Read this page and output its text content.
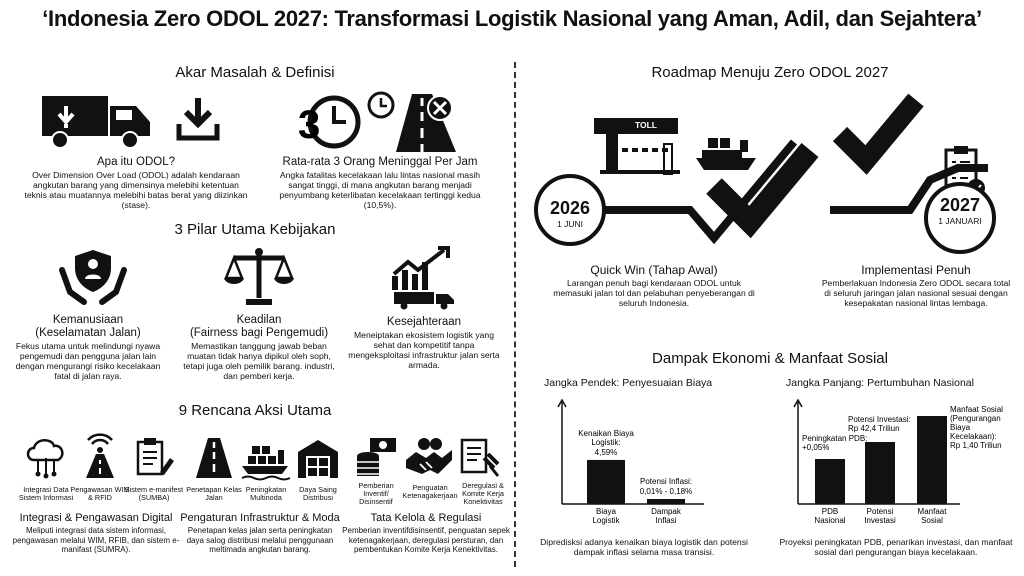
‘Indonesia Zero ODOL 2027: Transformasi Logistik Nasional yang Aman, Adil, dan Sejahtera’
Akar Masalah & Definisi
Apa itu ODOL?
Over Dimension Over Load (ODOL) adalah kendaraan angkutan barang yang dimensinya melebihi ketentuan teknis atau muatannya melebihi batas berat yang diizinkan (stase).
3
Rata-rata 3 Orang Meninggal Per Jam
Angka fatalitas kecelakaan lalu lintas nasional masih sangat tinggi, di mana angkutan barang menjadi penyumbang keterlibatan kecelakaan tertinggi kedua (10,5%).
3 Pilar Utama Kebijakan
Kemanusiaan
(Keselamatan Jalan)
Fekus utama untuk melindungi nyawa pengemudi dan pengguna jalan lain dengan mengurangi risiko kecelakaan fatal di jalan raya.
Keadilan
(Fairness bagi Pengemudi)
Memastikan tanggung jawab beban muatan tidak hanya dipikul oleh soph, tetapi juga oleh pemilik barang. industri, dan pemberi kerja.
Kesejahteraan
Meneiptakan ekosistem logistik yang sehat dan kompetitif tanpa mengeksploitasi infrastruktur jalan serta armada.
9 Rencana Aksi Utama
Integrasi Data Sistem Informasi
Pengawasan WIM & RFID
Sistem e-manifest (SUMBA)
Penetapan Kelas Jalan
Peningkatan Multinoda
Daya Saing Distribusi
Pemberian Inventif/ Disinsentif
Penguatan Ketenagakerjaan
Deregulasi & Komite Kerja Konektivitas
Integrasi & Pengawasan Digital
Meliputi integrasi data sistem informasi, pengawasan melalui WIM, RFIB, dan sistem e-manifast (SUMRA).
Pengaturan Infrastruktur & Moda
Penetapan kelas jalan serta peningkatan daya salog distribusi melalui penggunaan meltimada angkutan barang.
Tata Kelola & Regulasi
Pemberian inventifdisinsentif, penguatan sepek ketenagakerjaan, deregulasi persturan, dan pembentukan Komite Kerja Kenektivitas.
Roadmap Menuju Zero ODOL 2027
TOLL
2026
1 JUNI
2027
1 JANUARI
Quick Win (Tahap Awal)
Larangan penuh bagi kendaraan ODOL untuk memasuki jalan tol dan pelabuhan penyeberangan di seluruh Indonesia.
Implementasi Penuh
Pemberlakuan Indonesia Zero ODOL secara total di seluruh jaringan jalan nasional sesuai dengan kesepakatan nasional lintas lembaga.
Dampak Ekonomi & Manfaat Sosial
Jangka Pendek: Penyesuaian Biaya	Jangka Panjang: Pertumbuhan Nasional
Kenaikan Biaya Logistik:
4,59%
Biaya Logistik
Potensi Inflasi:
0,01% - 0,18%
Dampak Inflasi
PDB Nasional
Potensi Investasi
Manfaat Sosial
Peningkatan PDB: +0,05%
Potensi Investasi: Rp 42,4 Triliun
Manfaat Sosial (Pengurangan Biaya Kecelakaan): Rp 1,40 Triliun
Dipredisksi adanya kenaikan biaya logistik dan potensi dampak inflasi selama masa transisi.
Proyeksi peningkatan PDB, penarikan investasi, dan manfaat sosial dari pengurangan biaya kecelakaan.
